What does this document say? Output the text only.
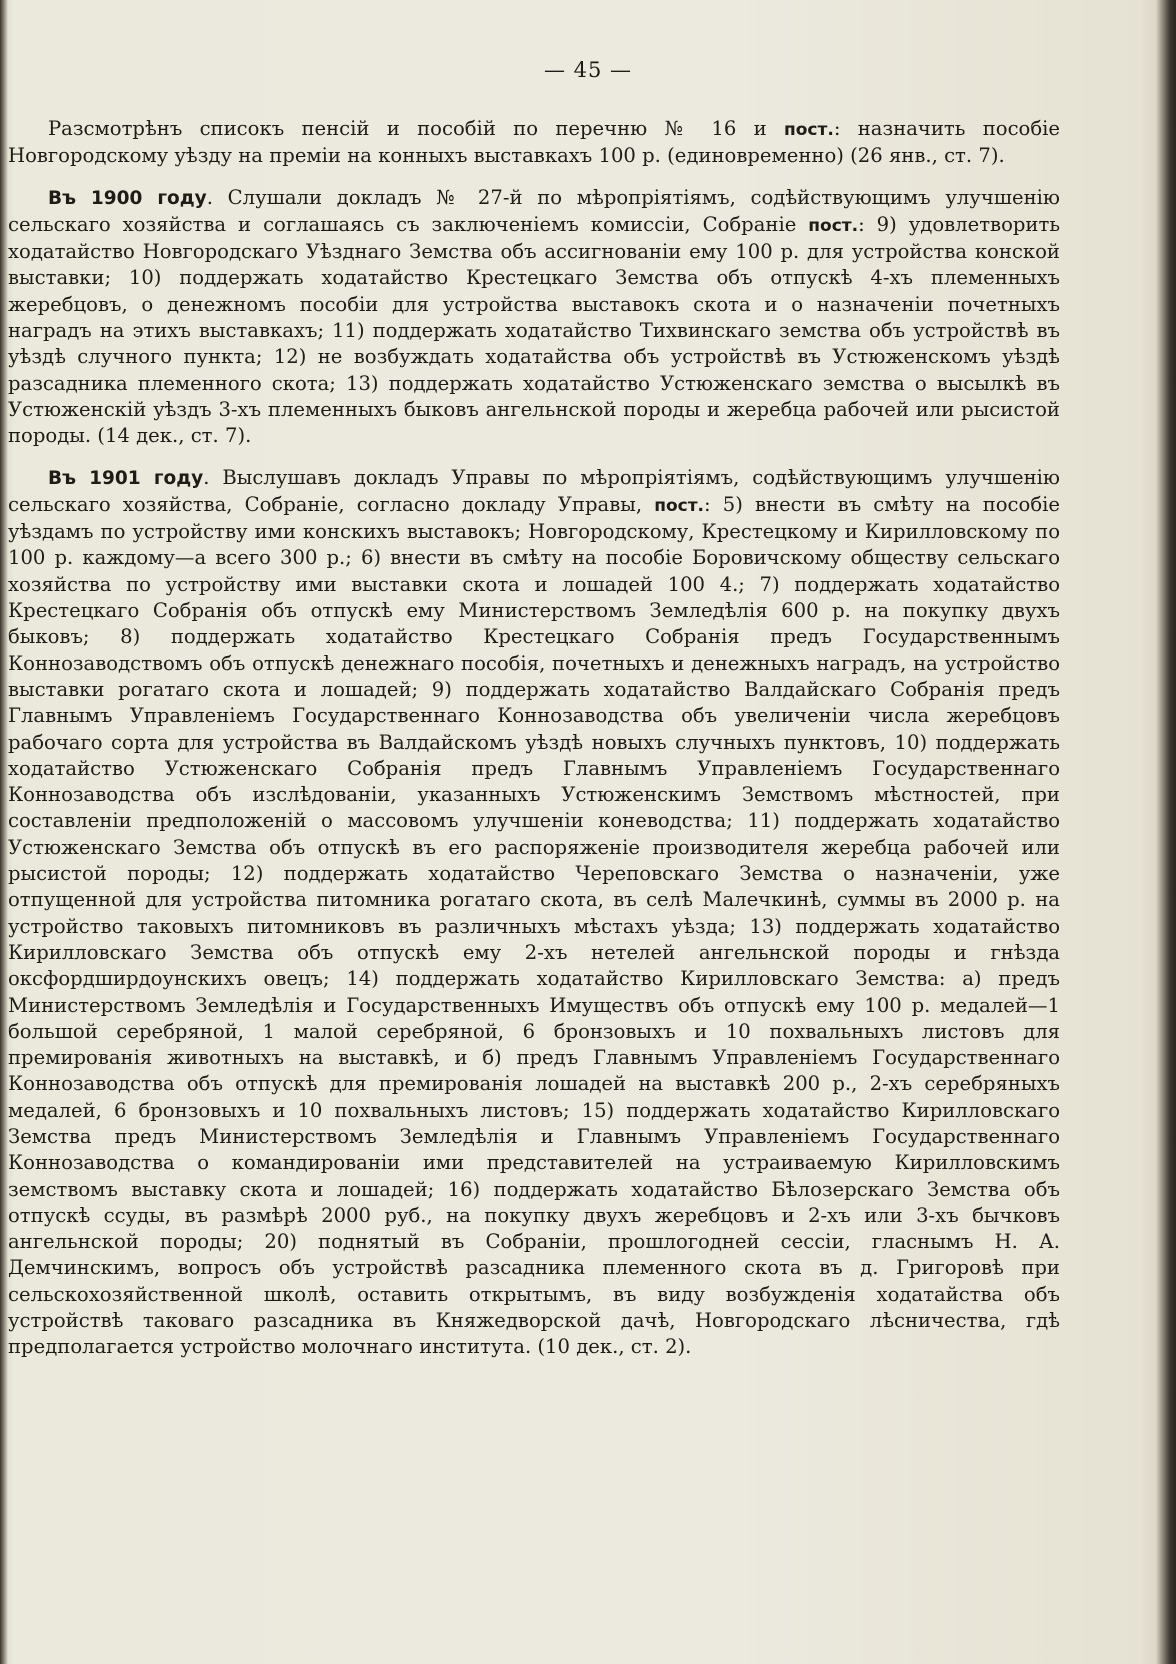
— 45 —

Разсмотрѣнъ списокъ пенсій и пособій по перечню № 16 и пост.: назначить пособіе Новгородскому уѣзду на преміи на конныхъ выставкахъ 100 р. (единовременно) (26 янв., ст. 7).

Въ 1900 году. Слушали докладъ № 27-й по мѣропріятіямъ, содѣйствующимъ улучшенію сельскаго хозяйства и соглашаясь съ заключеніемъ комиссіи, Собраніе пост.: 9) удовлетворить ходатайство Новгородскаго Уѣзднаго Земства объ ассигнованіи ему 100 р. для устройства конской выставки; 10) поддержать ходатайство Крестецкаго Земства объ отпускѣ 4-хъ племенныхъ жеребцовъ, о денежномъ пособіи для устройства выставокъ скота и о назначеніи почетныхъ наградъ на этихъ выставкахъ; 11) поддержать ходатайство Тихвинскаго земства объ устройствѣ въ уѣздѣ случного пункта; 12) не возбуждать ходатайства объ устройствѣ въ Устюженскомъ уѣздѣ разсадника племенного скота; 13) поддержать ходатайство Устюженскаго земства о высылкѣ въ Устюженскій уѣздъ 3-хъ племенныхъ быковъ ангельнской породы и жеребца рабочей или рысистой породы. (14 дек., ст. 7).

Въ 1901 году. Выслушавъ докладъ Управы по мѣропріятіямъ, содѣйствующимъ улучшенію сельскаго хозяйства, Собраніе, согласно докладу Управы, пост.: 5) внести въ смѣту на пособіе уѣздамъ по устройству ими конскихъ выставокъ; Новгородскому, Крестецкому и Кирилловскому по 100 р. каждому—а всего 300 р.; 6) внести въ смѣту на пособіе Боровичскому обществу сельскаго хозяйства по устройству ими выставки скота и лошадей 100 4.; 7) поддержать ходатайство Крестецкаго Собранія объ отпускѣ ему Министерствомъ Земледѣлія 600 р. на покупку двухъ быковъ; 8) поддержать ходатайство Крестецкаго Собранія предъ Государственнымъ Коннозаводствомъ объ отпускѣ денежнаго пособія, почетныхъ и денежныхъ наградъ, на устройство выставки рогатаго скота и лошадей; 9) поддержать ходатайство Валдайскаго Собранія предъ Главнымъ Управленіемъ Государственнаго Коннозаводства объ увеличеніи числа жеребцовъ рабочаго сорта для устройства въ Валдайскомъ уѣздѣ новыхъ случныхъ пунктовъ, 10) поддержать ходатайство Устюженскаго Собранія предъ Главнымъ Управленіемъ Государственнаго Коннозаводства объ изслѣдованіи, указанныхъ Устюженскимъ Земствомъ мѣстностей, при составленіи предположеній о массовомъ улучшеніи коневодства; 11) поддержать ходатайство Устюженскаго Земства объ отпускѣ въ его распоряженіе производителя жеребца рабочей или рысистой породы; 12) поддержать ходатайство Череповскаго Земства о назначеніи, уже отпущенной для устройства питомника рогатаго скота, въ селѣ Малечкинѣ, суммы въ 2000 р. на устройство таковыхъ питомниковъ въ различныхъ мѣстахъ уѣзда; 13) поддержать ходатайство Кирилловскаго Земства объ отпускѣ ему 2-хъ нетелей ангельнской породы и гнѣзда оксфордширдоунскихъ овецъ; 14) поддержать ходатайство Кирилловскаго Земства: а) предъ Министерствомъ Земледѣлія и Государственныхъ Имуществъ объ отпускѣ ему 100 р. медалей—1 большой серебряной, 1 малой серебряной, 6 бронзовыхъ и 10 похвальныхъ листовъ для премированія животныхъ на выставкѣ, и б) предъ Главнымъ Управленіемъ Государственнаго Коннозаводства объ отпускѣ для премированія лошадей на выставкѣ 200 р., 2-хъ серебряныхъ медалей, 6 бронзовыхъ и 10 похвальныхъ листовъ; 15) поддержать ходатайство Кирилловскаго Земства предъ Министерствомъ Земледѣлія и Главнымъ Управленіемъ Государственнаго Коннозаводства о командированіи ими представителей на устраиваемую Кирилловскимъ земствомъ выставку скота и лошадей; 16) поддержать ходатайство Бѣлозерскаго Земства объ отпускѣ ссуды, въ размѣрѣ 2000 руб., на покупку двухъ жеребцовъ и 2-хъ или 3-хъ бычковъ ангельнской породы; 20) поднятый въ Собраніи, прошлогодней сессіи, гласнымъ Н. А. Демчинскимъ, вопросъ объ устройствѣ разсадника племенного скота въ д. Григоровѣ при сельскохозяйственной школѣ, оставить открытымъ, въ виду возбужденія ходатайства объ устройствѣ таковаго разсадника въ Княжедворской дачѣ, Новгородскаго лѣсничества, гдѣ предполагается устройство молочнаго института. (10 дек., ст. 2).
